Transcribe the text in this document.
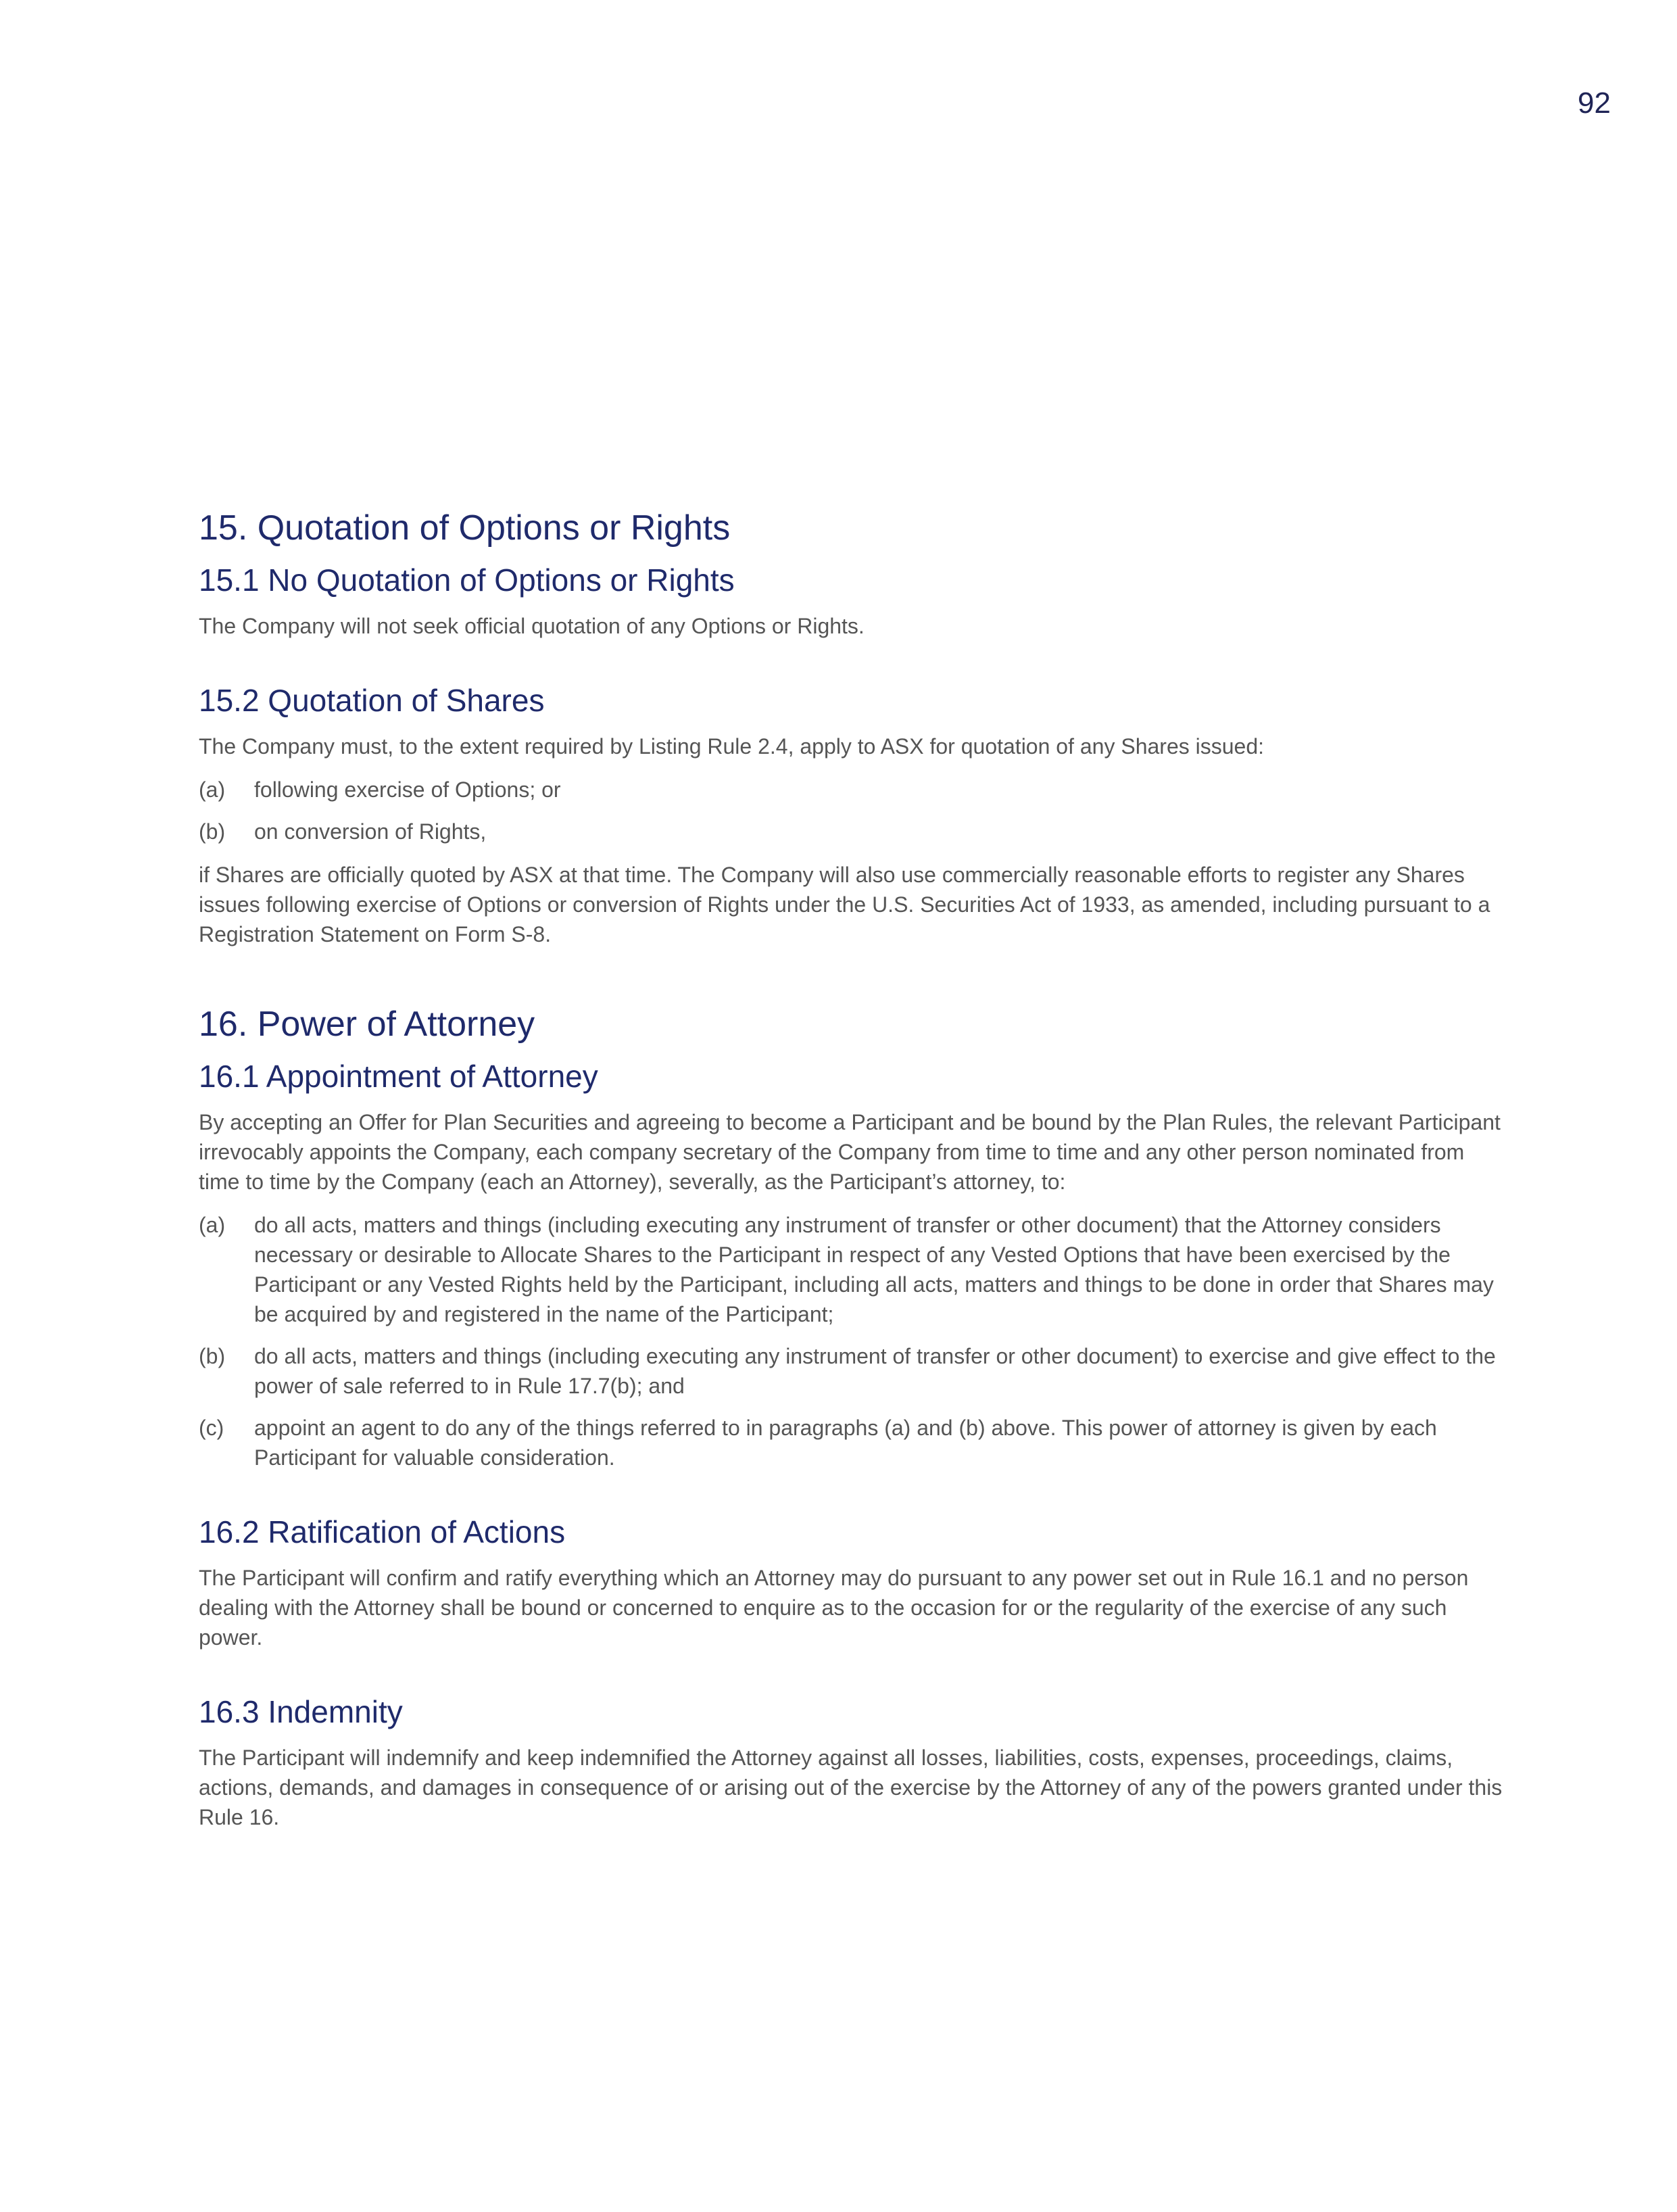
92
15. Quotation of Options or Rights
15.1 No Quotation of Options or Rights
The Company will not seek official quotation of any Options or Rights.
15.2 Quotation of Shares
The Company must, to the extent required by Listing Rule 2.4, apply to ASX for quotation of any Shares issued:
(a)	following exercise of Options; or
(b)	on conversion of Rights,
if Shares are officially quoted by ASX at that time. The Company will also use commercially reasonable efforts to register any Shares issues following exercise of Options or conversion of Rights under the U.S. Securities Act of 1933, as amended, including pursuant to a Registration Statement on Form S-8.
16. Power of Attorney
16.1 Appointment of Attorney
By accepting an Offer for Plan Securities and agreeing to become a Participant and be bound by the Plan Rules, the relevant Participant irrevocably appoints the Company, each company secretary of the Company from time to time and any other person nominated from time to time by the Company (each an Attorney), severally, as the Participant’s attorney, to:
(a)	do all acts, matters and things (including executing any instrument of transfer or other document) that the Attorney considers necessary or desirable to Allocate Shares to the Participant in respect of any Vested Options that have been exercised by the Participant or any Vested Rights held by the Participant, including all acts, matters and things to be done in order that Shares may be acquired by and registered in the name of the Participant;
(b)	do all acts, matters and things (including executing any instrument of transfer or other document) to exercise and give effect to the power of sale referred to in Rule 17.7(b); and
(c)	appoint an agent to do any of the things referred to in paragraphs (a) and (b) above. This power of attorney is given by each Participant for valuable consideration.
16.2 Ratification of Actions
The Participant will confirm and ratify everything which an Attorney may do pursuant to any power set out in Rule 16.1 and no person dealing with the Attorney shall be bound or concerned to enquire as to the occasion for or the regularity of the exercise of any such power.
16.3 Indemnity
The Participant will indemnify and keep indemnified the Attorney against all losses, liabilities, costs, expenses, proceedings, claims, actions, demands, and damages in consequence of or arising out of the exercise by the Attorney of any of the powers granted under this Rule 16.
